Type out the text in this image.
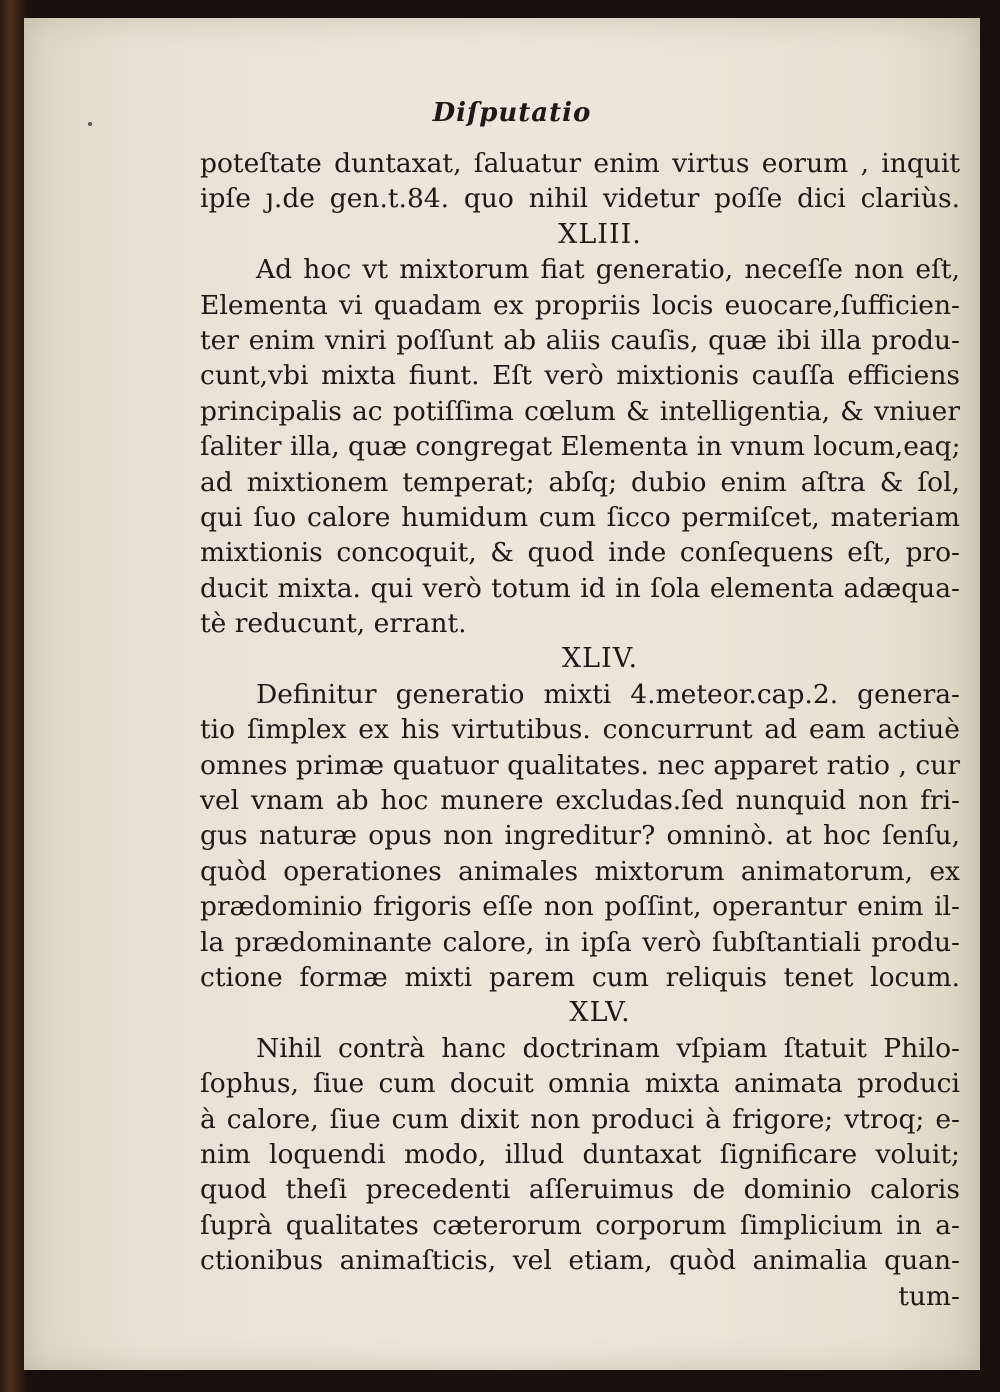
Diſputatio
poteſtate duntaxat, ſaluatur enim virtus eorum , inquit
ipſe ȷ.de gen.t.84. quo nihil videtur poſſe dici clariùs.
XLIII.
Ad hoc vt mixtorum fiat generatio, neceſſe non eſt,
Elementa vi quadam ex propriis locis euocare,ſufficien-
ter enim vniri poſſunt ab aliis cauſis, quæ ibi illa produ-
cunt,vbi mixta fiunt. Eſt verò mixtionis cauſſa efficiens
principalis ac potiſſima cœlum & intelligentia, & vniuer
ſaliter illa, quæ congregat Elementa in vnum locum,eaq;
ad mixtionem temperat; abſq; dubio enim aſtra & ſol,
qui ſuo calore humidum cum ſicco permiſcet, materiam
mixtionis concoquit, & quod inde conſequens eſt, pro-
ducit mixta. qui verò totum id in ſola elementa adæqua-
tè reducunt, errant.
XLIV.
Definitur generatio mixti 4.meteor.cap.2. genera-
tio ſimplex ex his virtutibus. concurrunt ad eam actiuè
omnes primæ quatuor qualitates. nec apparet ratio , cur
vel vnam ab hoc munere excludas.ſed nunquid non fri-
gus naturæ opus non ingreditur? omninò. at hoc ſenſu,
quòd operationes animales mixtorum animatorum, ex
prædominio frigoris eſſe non poſſint, operantur enim il-
la prædominante calore, in ipſa verò ſubſtantiali produ-
ctione formæ mixti parem cum reliquis tenet locum.
XLV.
Nihil contrà hanc doctrinam vſpiam ſtatuit Philo-
ſophus, ſiue cum docuit omnia mixta animata produci
à calore, ſiue cum dixit non produci à frigore; vtroq; e-
nim loquendi modo, illud duntaxat ſignificare voluit;
quod theſi precedenti aſſeruimus de dominio caloris
ſuprà qualitates cæterorum corporum ſimplicium in a-
ctionibus animaſticis, vel etiam, quòd animalia quan-
tum-
